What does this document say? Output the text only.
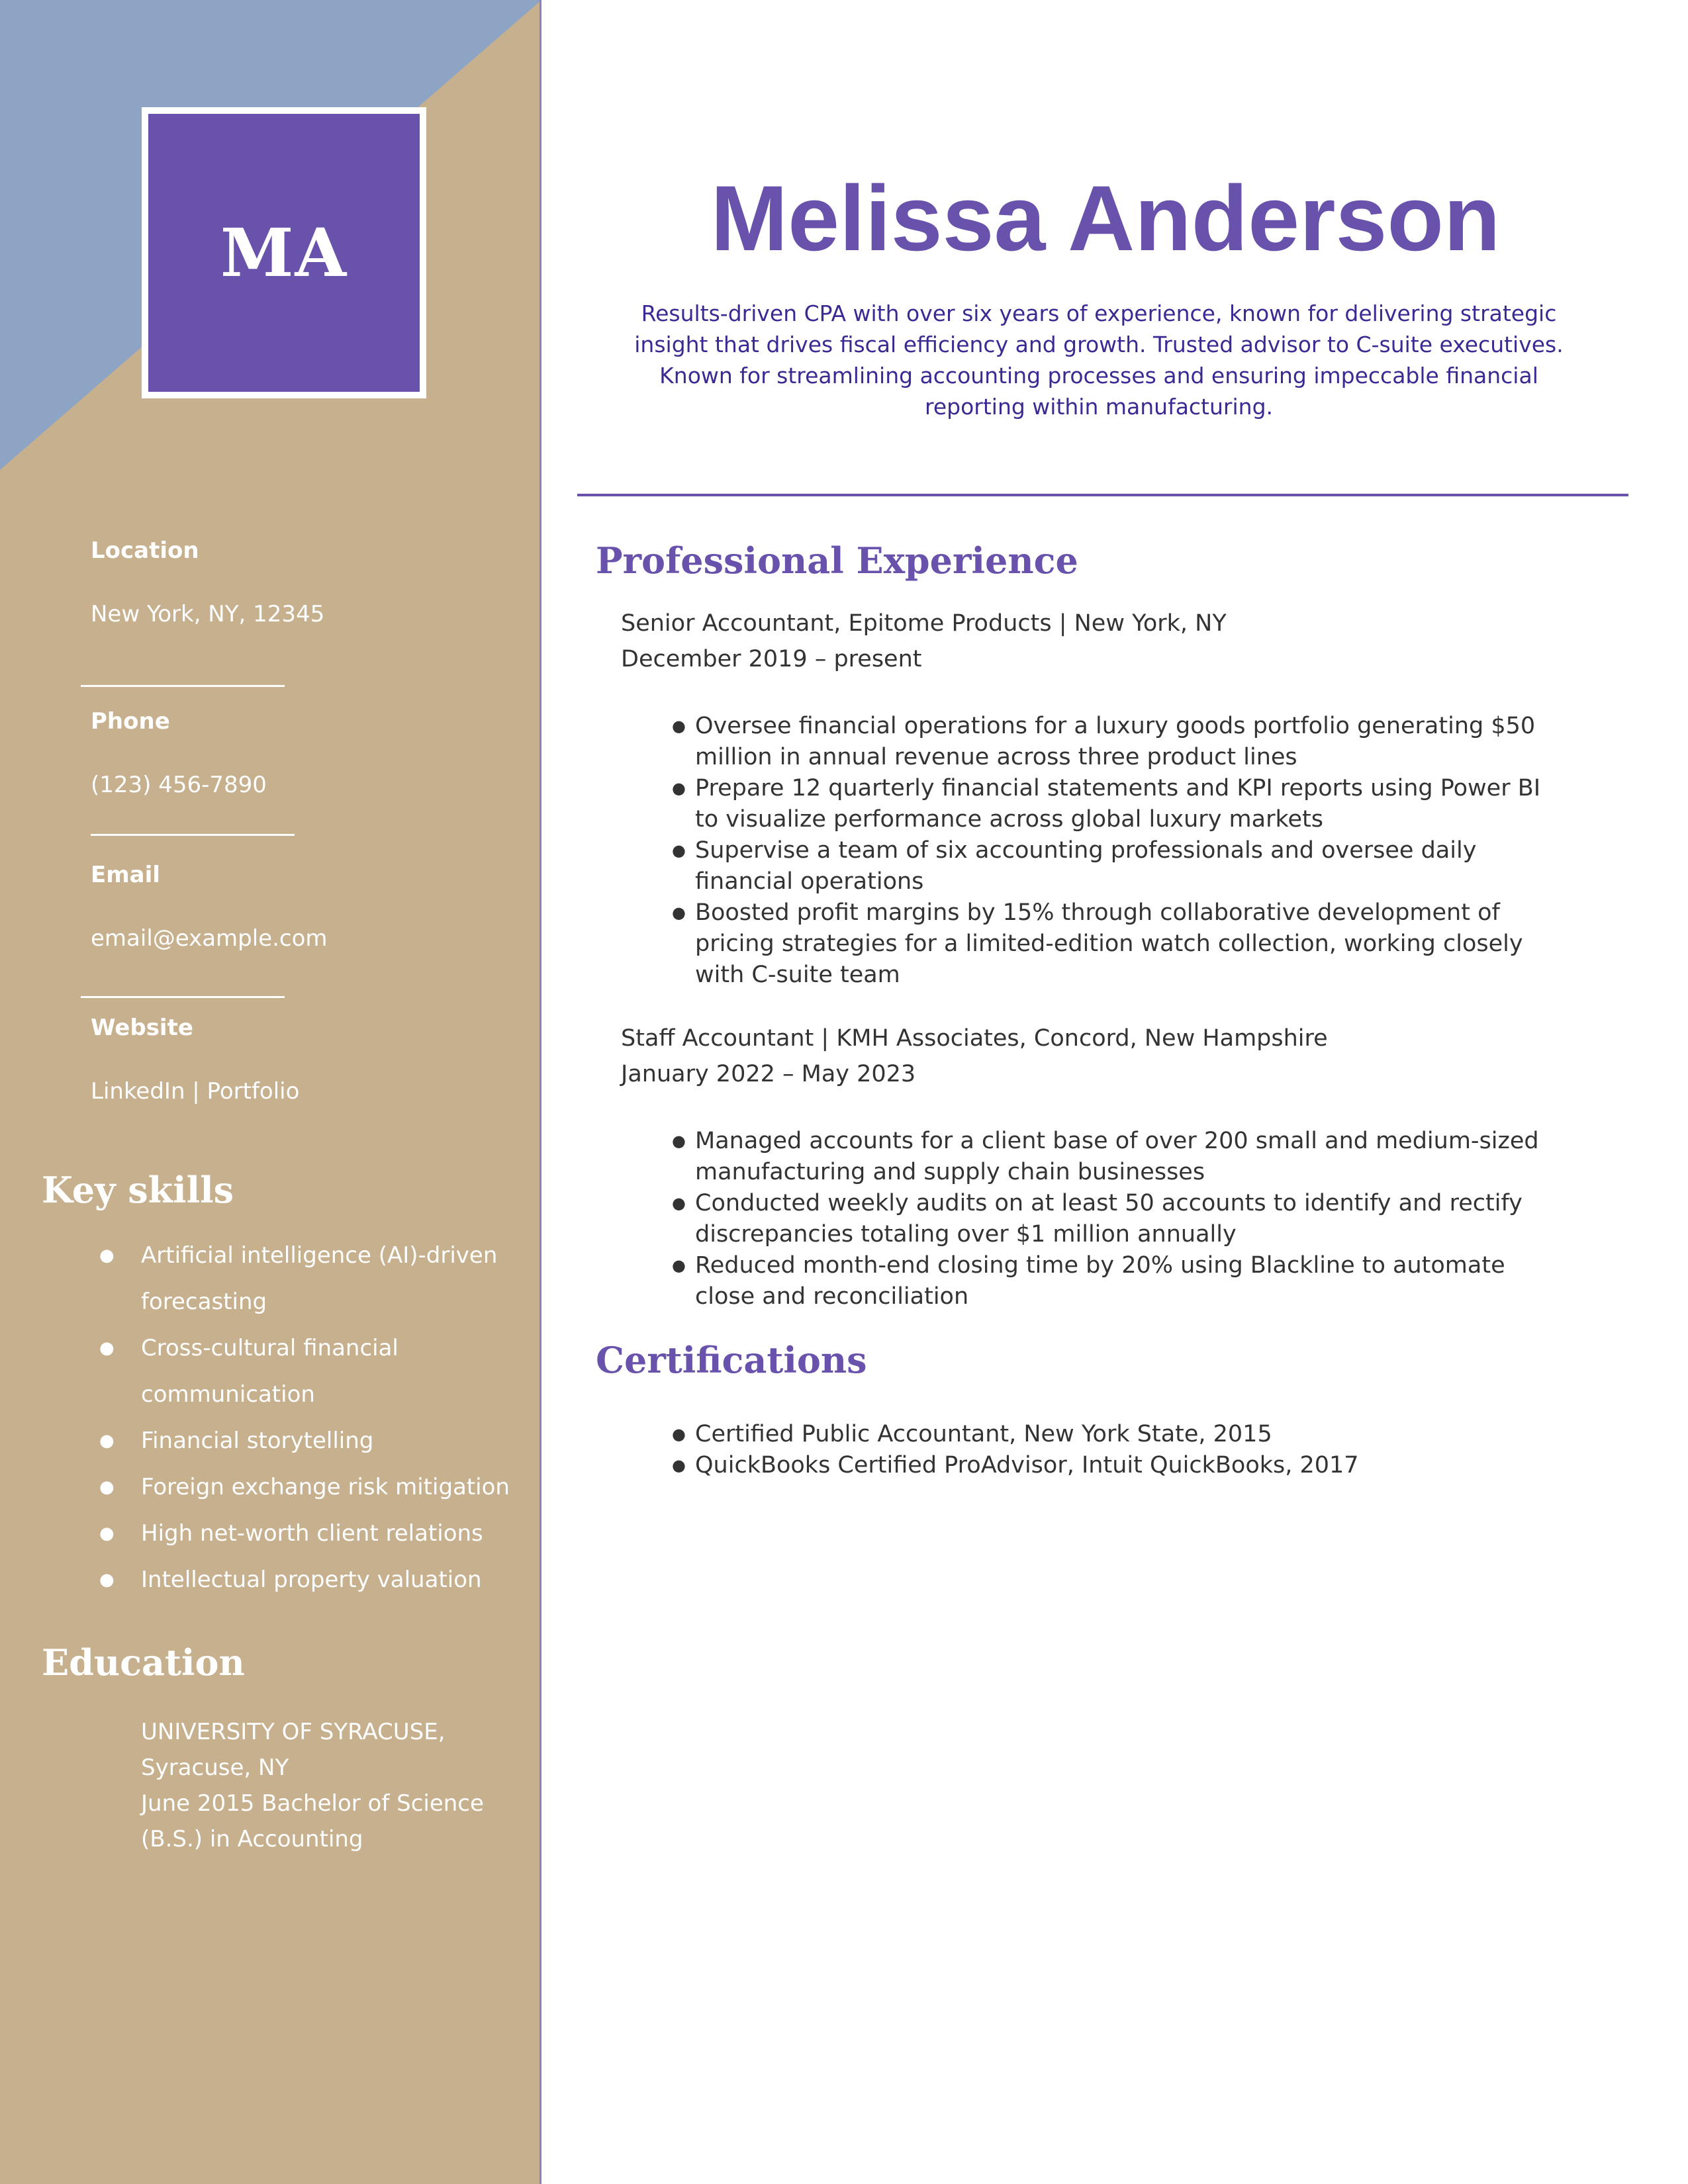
MA
Location
New York, NY, 12345
Phone
(123) 456-7890
Email
email@example.com
Website
LinkedIn | Portfolio
Key skills
● Artificial intelligence (AI)-driven forecasting
● Cross-cultural financial communication
● Financial storytelling
● Foreign exchange risk mitigation
● High net-worth client relations
● Intellectual property valuation
Education
UNIVERSITY OF SYRACUSE,
Syracuse, NY
June 2015 Bachelor of Science (B.S.) in Accounting
Melissa Anderson

Results-driven CPA with over six years of experience, known for delivering strategic insight that drives fiscal efficiency and growth. Trusted advisor to C-suite executives. Known for streamlining accounting processes and ensuring impeccable financial reporting within manufacturing.

Professional Experience
Senior Accountant, Epitome Products | New York, NY
December 2019 – present
● Oversee financial operations for a luxury goods portfolio generating $50 million in annual revenue across three product lines
● Prepare 12 quarterly financial statements and KPI reports using Power BI to visualize performance across global luxury markets
● Supervise a team of six accounting professionals and oversee daily financial operations
● Boosted profit margins by 15% through collaborative development of pricing strategies for a limited-edition watch collection, working closely with C-suite team
Staff Accountant | KMH Associates, Concord, New Hampshire
January 2022 – May 2023
● Managed accounts for a client base of over 200 small and medium-sized manufacturing and supply chain businesses
● Conducted weekly audits on at least 50 accounts to identify and rectify discrepancies totaling over $1 million annually
● Reduced month-end closing time by 20% using Blackline to automate close and reconciliation
Certifications
● Certified Public Accountant, New York State, 2015
● QuickBooks Certified ProAdvisor, Intuit QuickBooks, 2017
